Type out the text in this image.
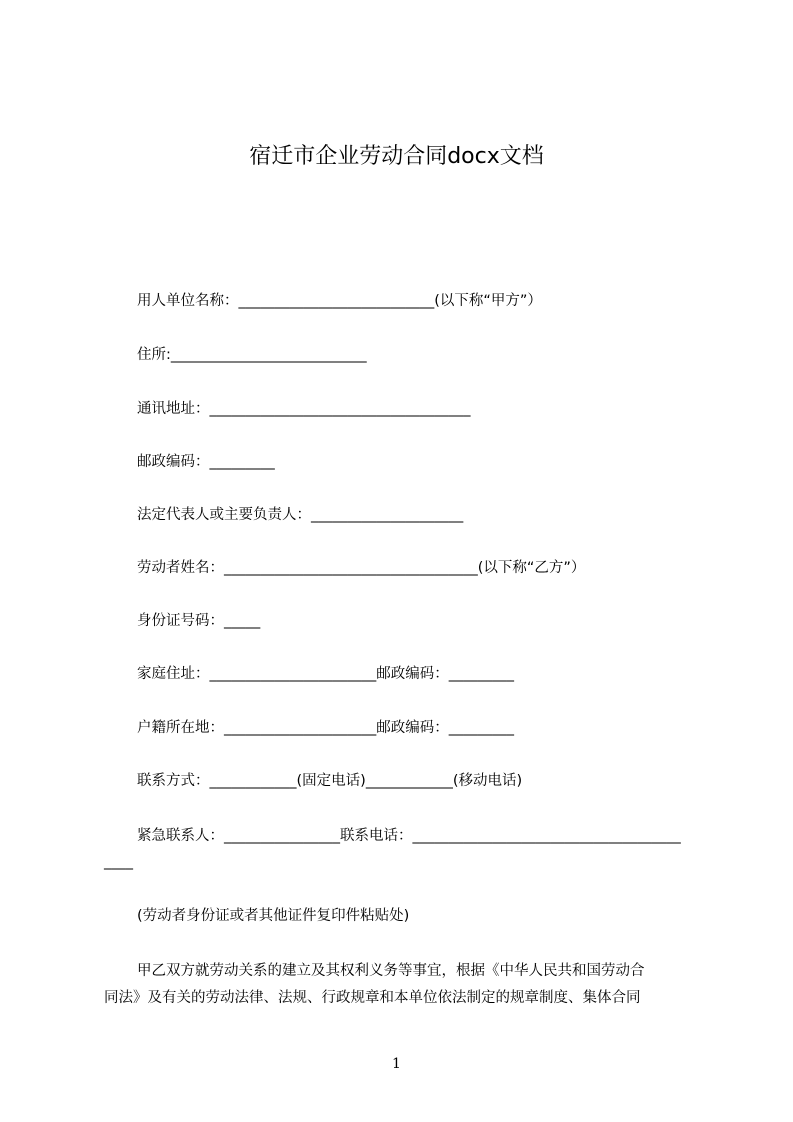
宿迁市企业劳动合同docx文档
用人单位名称：___________________________(以下称“甲方”）
住所:___________________________
通讯地址：____________________________________
邮政编码：_________
法定代表人或主要负责人：_____________________
劳动者姓名：___________________________________(以下称“乙方”）
身份证号码：_____
家庭住址：_______________________邮政编码：_________
户籍所在地：_____________________邮政编码：_________
联系方式：____________(固定电话)____________(移动电话)
紧急联系人：________________联系电话：_____________________________________
____
(劳动者身份证或者其他证件复印件粘贴处)
甲乙双方就劳动关系的建立及其权利义务等事宜，根据《中华人民共和国劳动合
同法》及有关的劳动法律、法规、行政规章和本单位依法制定的规章制度、集体合同
1
